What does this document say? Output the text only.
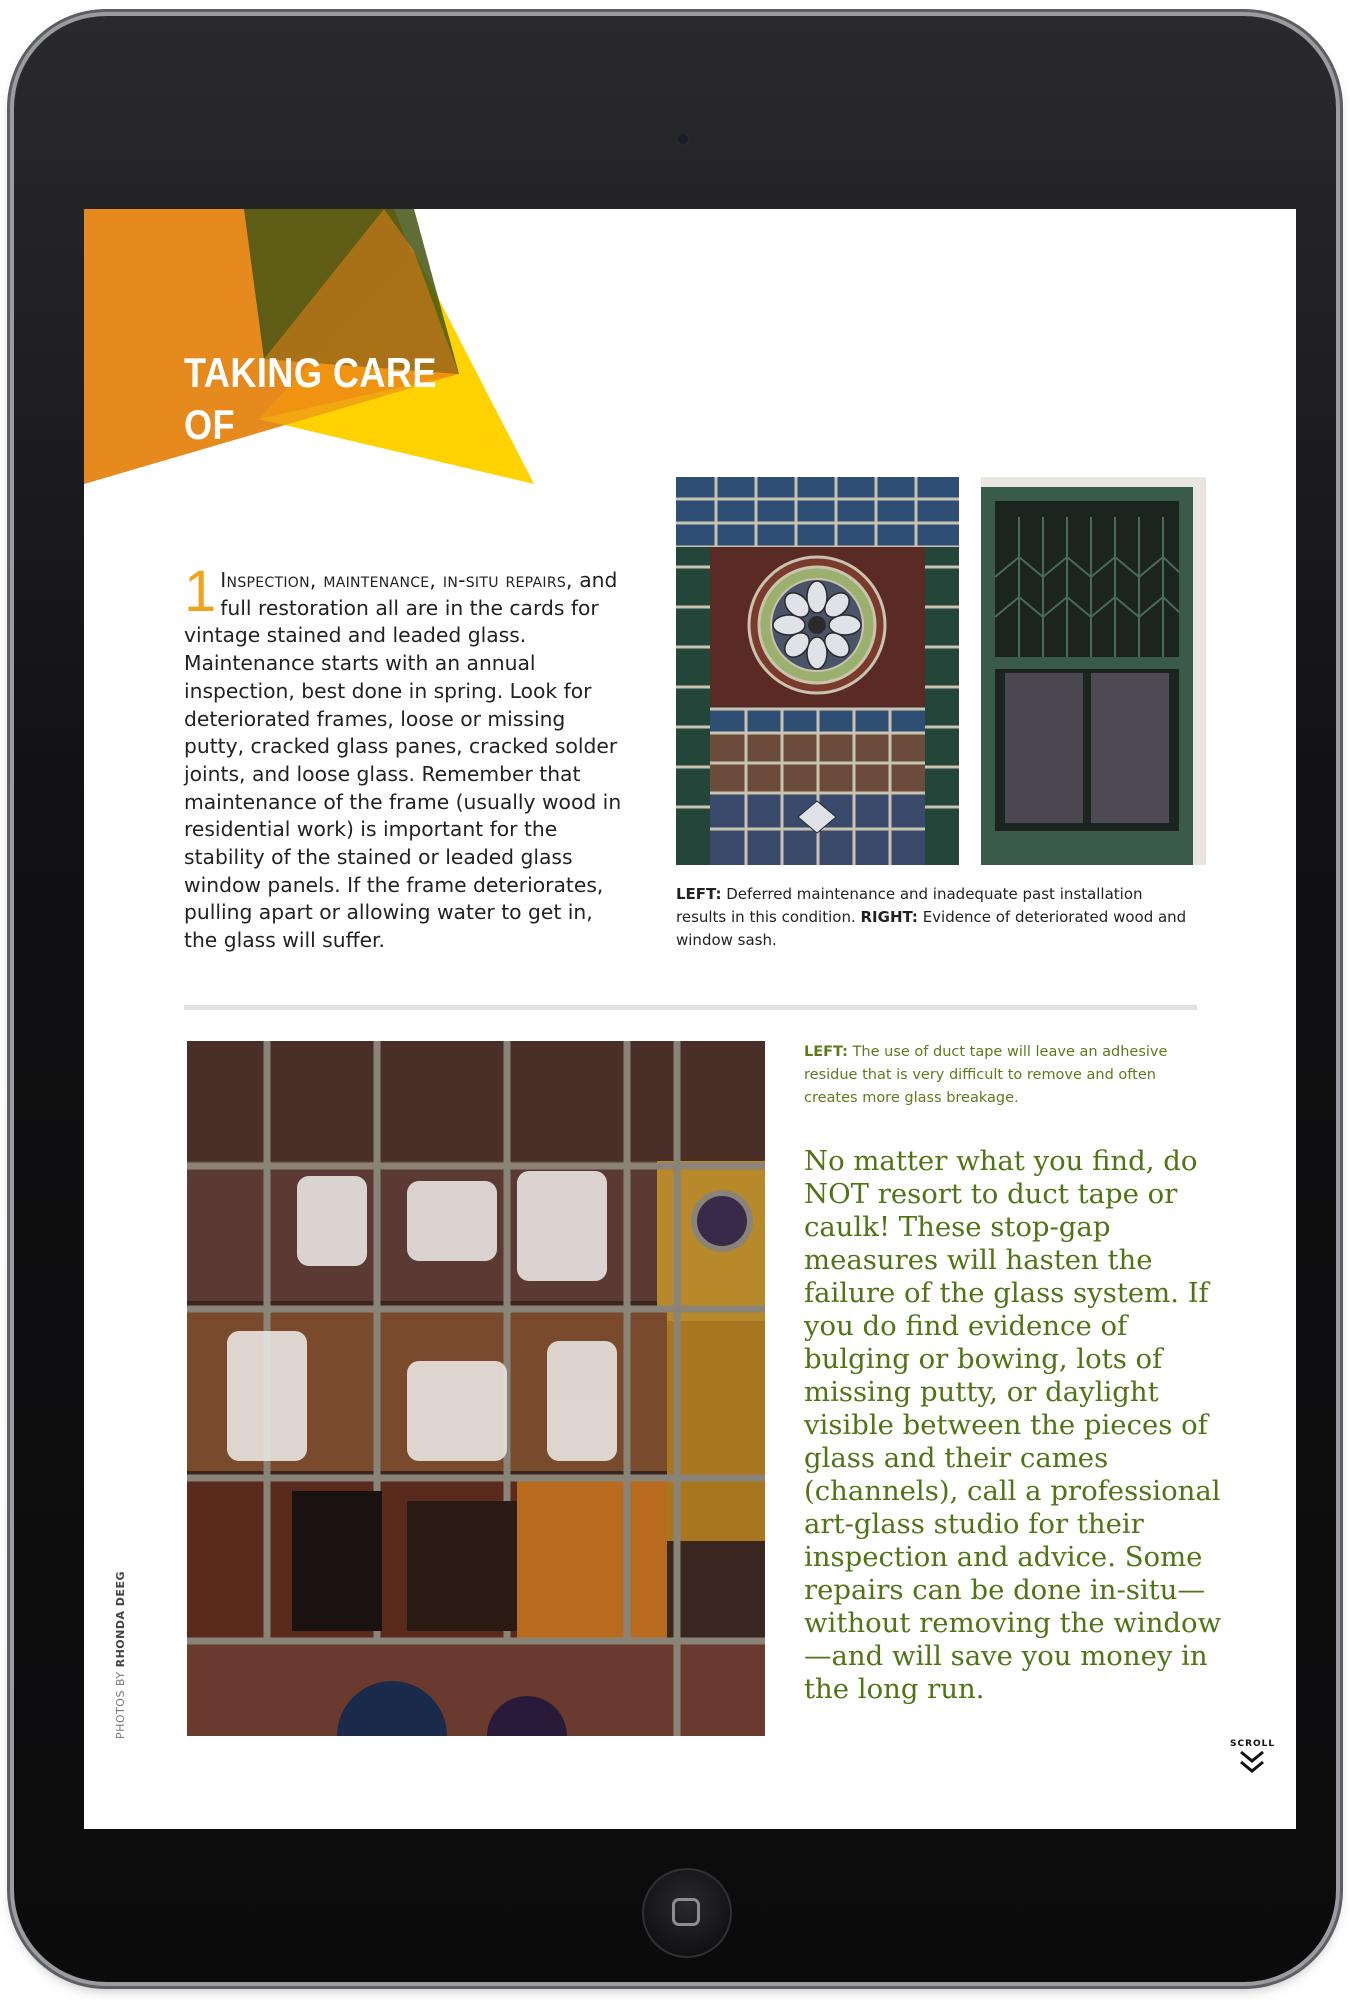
TAKING CARE OF
YOUR GLASS
1 Inspection, maintenance, in-situ repairs, and full restoration all are in the cards for vintage stained and leaded glass. Maintenance starts with an annual inspection, best done in spring. Look for deteriorated frames, loose or missing putty, cracked glass panes, cracked solder joints, and loose glass. Remember that maintenance of the frame (usually wood in residential work) is important for the stability of the stained or leaded glass window panels. If the frame deteriorates, pulling apart or allowing water to get in, the glass will suffer.
LEFT: Deferred maintenance and inadequate past installation results in this condition. RIGHT: Evidence of deteriorated wood and window sash.
LEFT: The use of duct tape will leave an adhesive residue that is very difficult to remove and often creates more glass breakage.
No matter what you find, do NOT resort to duct tape or caulk! These stop-gap measures will hasten the failure of the glass system. If you do find evidence of bulging or bowing, lots of missing putty, or daylight visible between the pieces of glass and their cames (channels), call a professional art-glass studio for their inspection and advice. Some repairs can be done in-situ—without removing the window—and will save you money in the long run.
PHOTOS BY RHONDA DEEG
SCROLL
